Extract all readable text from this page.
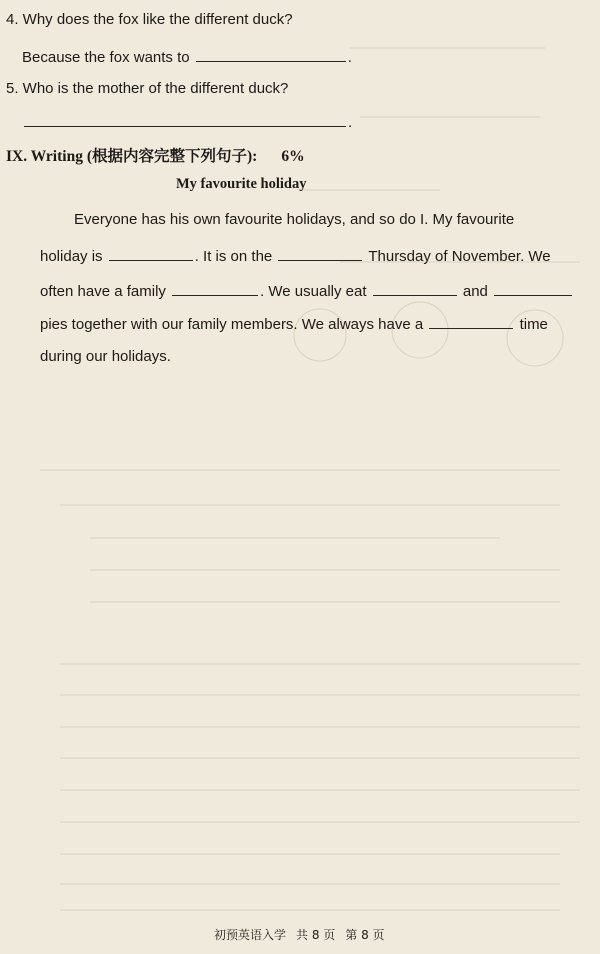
4. Why does the fox like the different duck?
Because the fox wants to	.
5. Who is the mother of the different duck?
.
IX. Writing (根据内容完整下列句子): 6%
My favourite holiday
Everyone has his own favourite holidays, and so do I. My favourite
holiday is	. It is on the	Thursday of November. We
often have a family	. We usually eat	and
pies together with our family members. We always have a	time
during our holidays.
初预英语入学 共 8 页 第 8 页
